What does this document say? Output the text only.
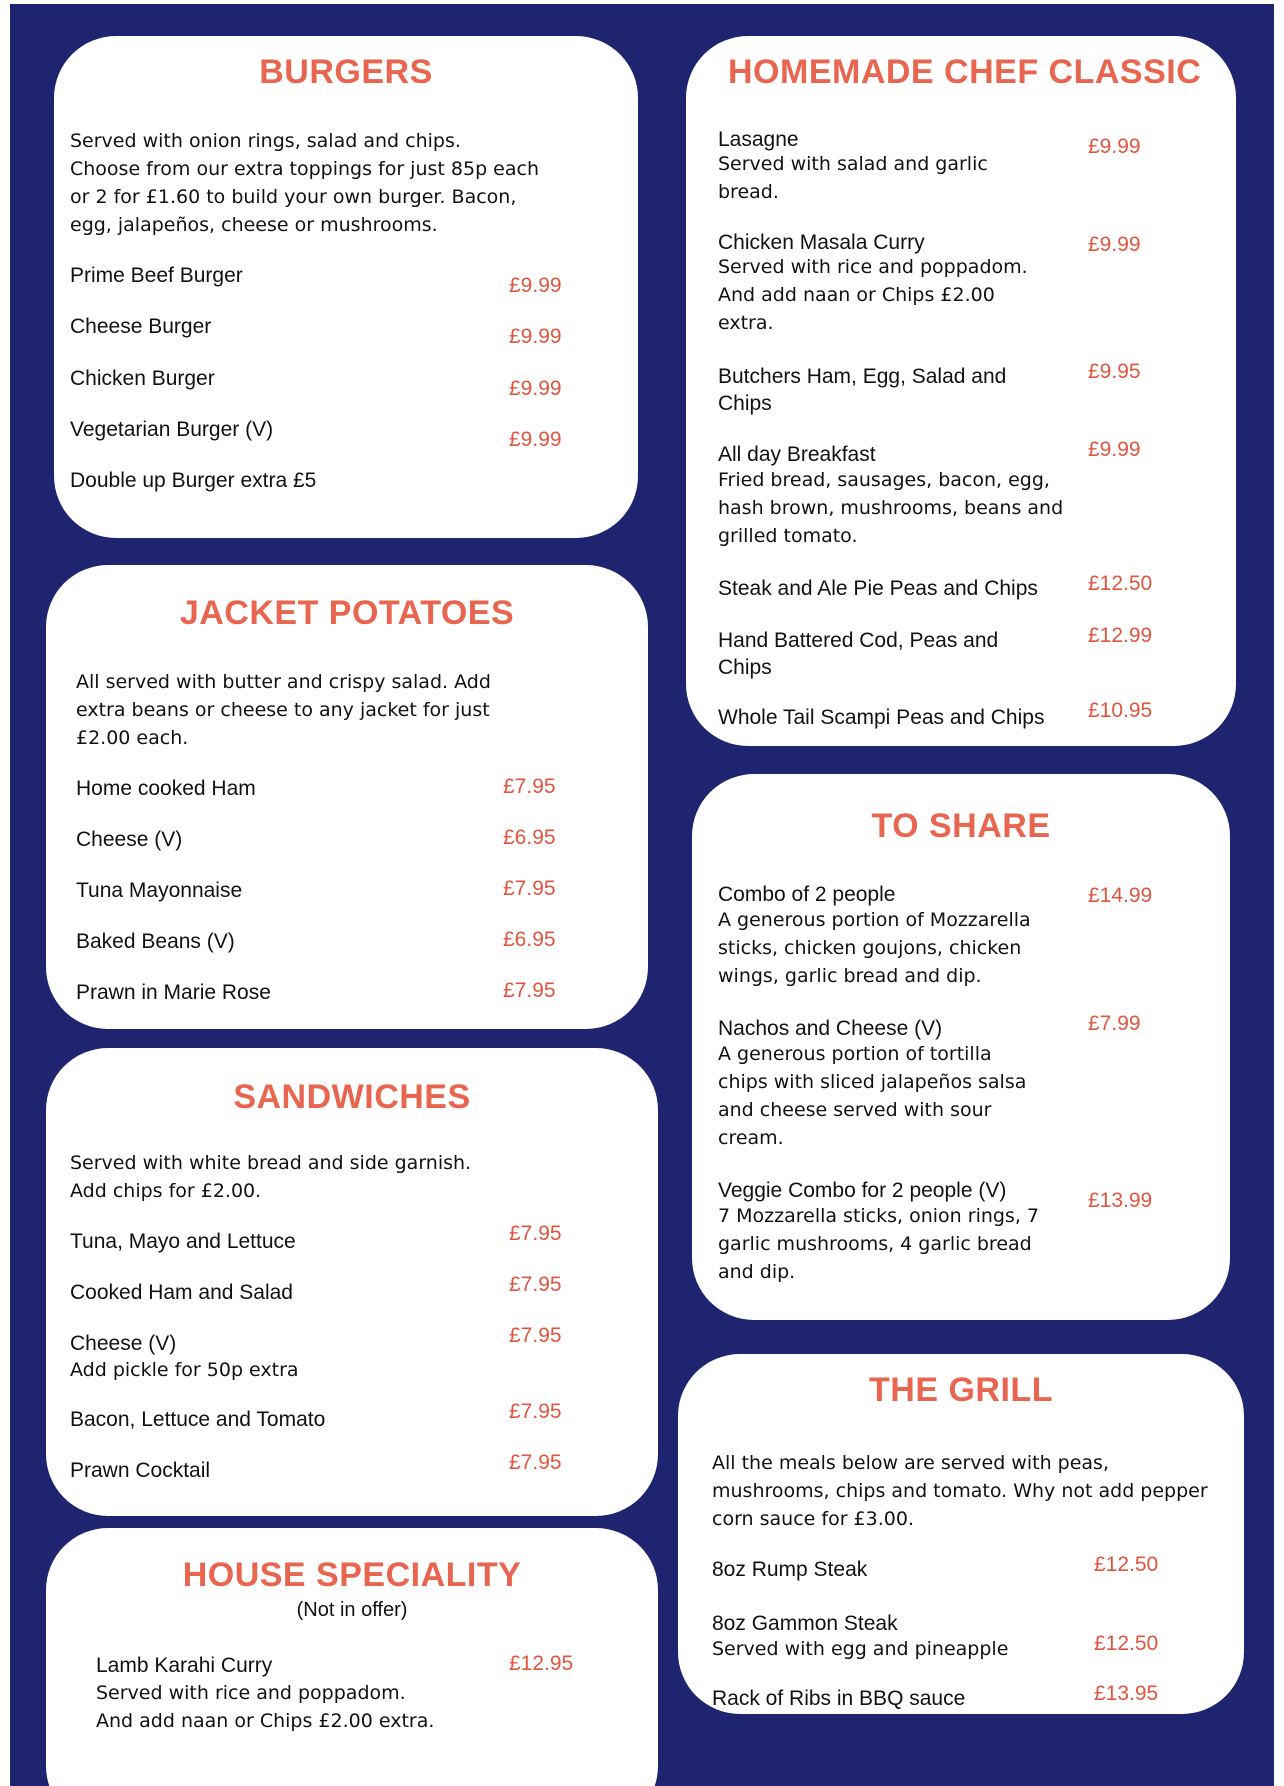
BURGERS
Served with onion rings, salad and chips.
Choose from our extra toppings for just 85p each
or 2 for £1.60 to build your own burger. Bacon,
egg, jalapeños, cheese or mushrooms.
Prime Beef Burger	£9.99
Cheese Burger	£9.99
Chicken Burger	£9.99
Vegetarian Burger (V)	£9.99
Double up Burger extra £5
JACKET POTATOES
All served with butter and crispy salad. Add
extra beans or cheese to any jacket for just
£2.00 each.
Home cooked Ham	£7.95
Cheese (V)	£6.95
Tuna Mayonnaise	£7.95
Baked Beans (V)	£6.95
Prawn in Marie Rose	£7.95
SANDWICHES
Served with white bread and side garnish.
Add chips for £2.00.
Tuna, Mayo and Lettuce	£7.95
Cooked Ham and Salad	£7.95
Cheese (V)
Add pickle for 50p extra
£7.95
Bacon, Lettuce and Tomato	£7.95
Prawn Cocktail	£7.95
HOUSE SPECIALITY
(Not in offer)
Lamb Karahi Curry
Served with rice and poppadom.
And add naan or Chips £2.00 extra.
£12.95
HOMEMADE CHEF CLASSIC
Lasagne
Served with salad and garlic
bread.
£9.99
Chicken Masala Curry
Served with rice and poppadom.
And add naan or Chips £2.00
extra.
£9.99
Butchers Ham, Egg, Salad and
Chips
£9.95
All day Breakfast
Fried bread, sausages, bacon, egg,
hash brown, mushrooms, beans and
grilled tomato.
£9.99
Steak and Ale Pie Peas and Chips £12.50
Hand Battered Cod, Peas and
Chips
£12.99
Whole Tail Scampi Peas and Chips £10.95
TO SHARE
Combo of 2 people
A generous portion of Mozzarella
sticks, chicken goujons, chicken
wings, garlic bread and dip.
£14.99
Nachos and Cheese (V)
A generous portion of tortilla
chips with sliced jalapeños salsa
and cheese served with sour
cream.
£7.99
Veggie Combo for 2 people (V)
7 Mozzarella sticks, onion rings, 7
garlic mushrooms, 4 garlic bread
and dip.
£13.99
THE GRILL
All the meals below are served with peas,
mushrooms, chips and tomato. Why not add pepper
corn sauce for £3.00.
8oz Rump Steak	£12.50
8oz Gammon Steak
Served with egg and pineapple	£12.50
Rack of Ribs in BBQ sauce	£13.95
